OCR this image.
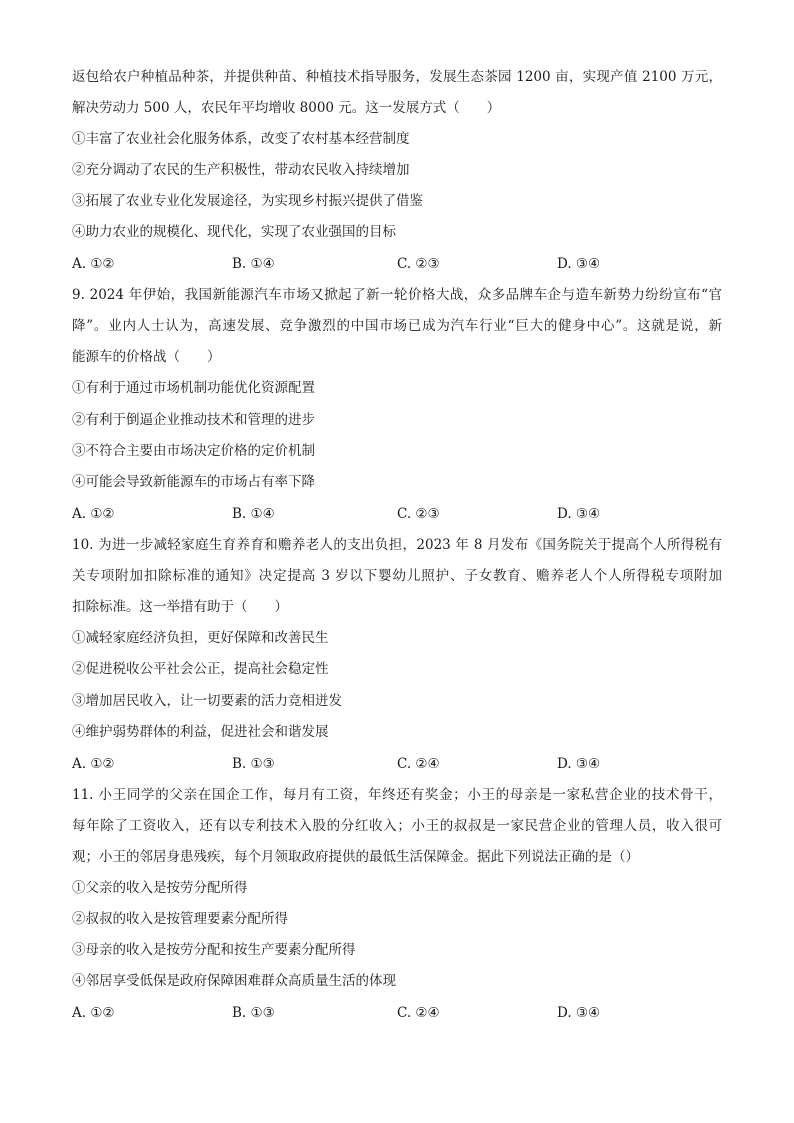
返包给农户种植品种茶，并提供种苗、种植技术指导服务，发展生态茶园 1200 亩，实现产值 2100 万元，
解决劳动力 500 人，农民年平均增收 8000 元。这一发展方式（　　）
①丰富了农业社会化服务体系，改变了农村基本经营制度
②充分调动了农民的生产积极性，带动农民收入持续增加
③拓展了农业专业化发展途径，为实现乡村振兴提供了借鉴
④助力农业的规模化、现代化，实现了农业强国的目标
A. ①②	B. ①④	C. ②③	D. ③④
9. 2024 年伊始，我国新能源汽车市场又掀起了新一轮价格大战，众多品牌车企与造车新势力纷纷宣布“官
降”。业内人士认为，高速发展、竞争激烈的中国市场已成为汽车行业“巨大的健身中心”。这就是说，新
能源车的价格战（　　）
①有利于通过市场机制功能优化资源配置
②有利于倒逼企业推动技术和管理的进步
③不符合主要由市场决定价格的定价机制
④可能会导致新能源车的市场占有率下降
A. ①②	B. ①④	C. ②③	D. ③④
10. 为进一步减轻家庭生育养育和赡养老人的支出负担，2023 年 8 月发布《国务院关于提高个人所得税有
关专项附加扣除标准的通知》决定提高 3 岁以下婴幼儿照护、子女教育、赡养老人个人所得税专项附加
扣除标准。这一举措有助于（　　）
①减轻家庭经济负担，更好保障和改善民生
②促进税收公平社会公正，提高社会稳定性
③增加居民收入，让一切要素的活力竞相迸发
④维护弱势群体的利益，促进社会和谐发展
A. ①②	B. ①③	C. ②④	D. ③④
11. 小王同学的父亲在国企工作，每月有工资，年终还有奖金；小王的母亲是一家私营企业的技术骨干，
每年除了工资收入，还有以专利技术入股的分红收入；小王的叔叔是一家民营企业的管理人员，收入很可
观；小王的邻居身患残疾，每个月领取政府提供的最低生活保障金。据此下列说法正确的是（）
①父亲的收入是按劳分配所得
②叔叔的收入是按管理要素分配所得
③母亲的收入是按劳分配和按生产要素分配所得
④邻居享受低保是政府保障困难群众高质量生活的体现
A. ①②	B. ①③	C. ②④	D. ③④
